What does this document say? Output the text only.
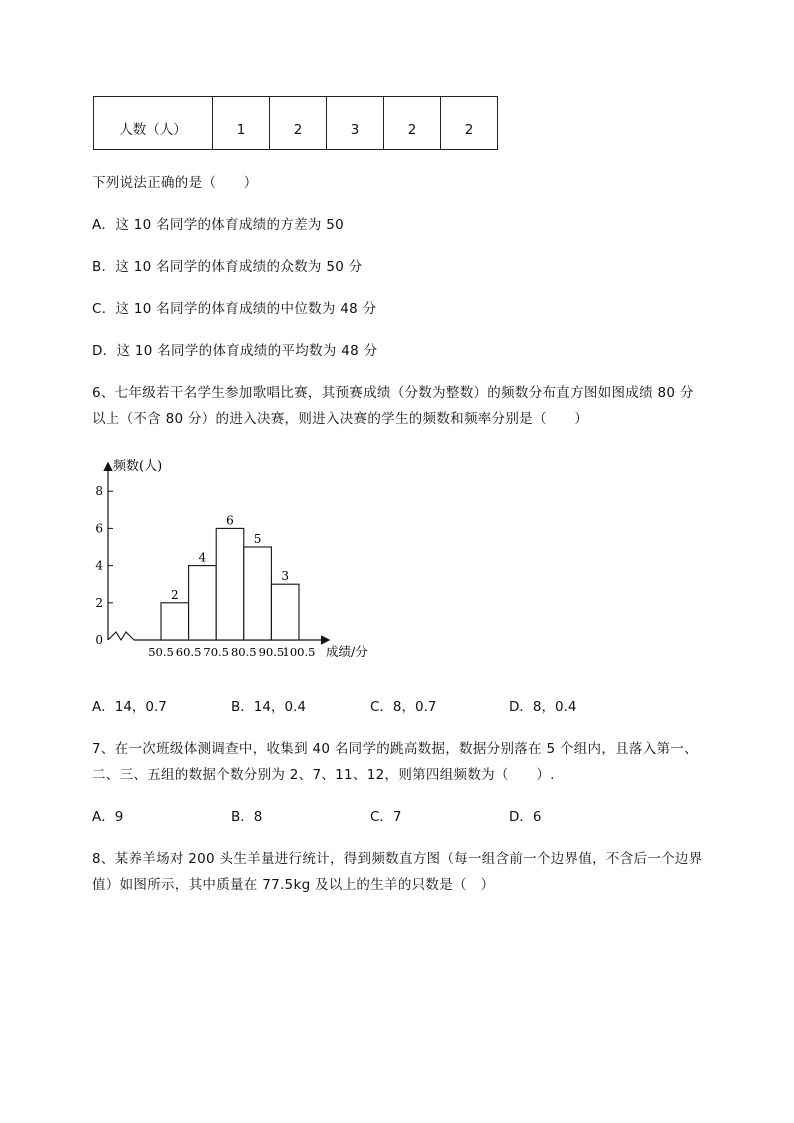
人数（人）	1	2	3	2	2
下列说法正确的是（　　）
A．这 10 名同学的体育成绩的方差为 50
B．这 10 名同学的体育成绩的众数为 50 分
C．这 10 名同学的体育成绩的中位数为 48 分
D．这 10 名同学的体育成绩的平均数为 48 分
6、七年级若干名学生参加歌唱比赛，其预赛成绩（分数为整数）的频数分布直方图如图成绩 80 分
以上（不含 80 分）的进入决赛，则进入决赛的学生的频数和频率分别是（　　）
0
2
4
6
8
频数(人)
2
4
6
5
3
50.5 60.5 70.5 80.5 90.5
100.5 成绩/分
A．14，0.7	B．14，0.4	C．8，0.7	D．8，0.4
7、在一次班级体测调查中，收集到 40 名同学的跳高数据，数据分别落在 5 个组内，且落入第一、
二、三、五组的数据个数分别为 2、7、11、12，则第四组频数为（　　）.
A．9	B．8	C．7	D．6
8、某养羊场对 200 头生羊量进行统计，得到频数直方图（每一组含前一个边界值，不含后一个边界
值）如图所示，其中质量在 77.5kg 及以上的生羊的只数是（　）
